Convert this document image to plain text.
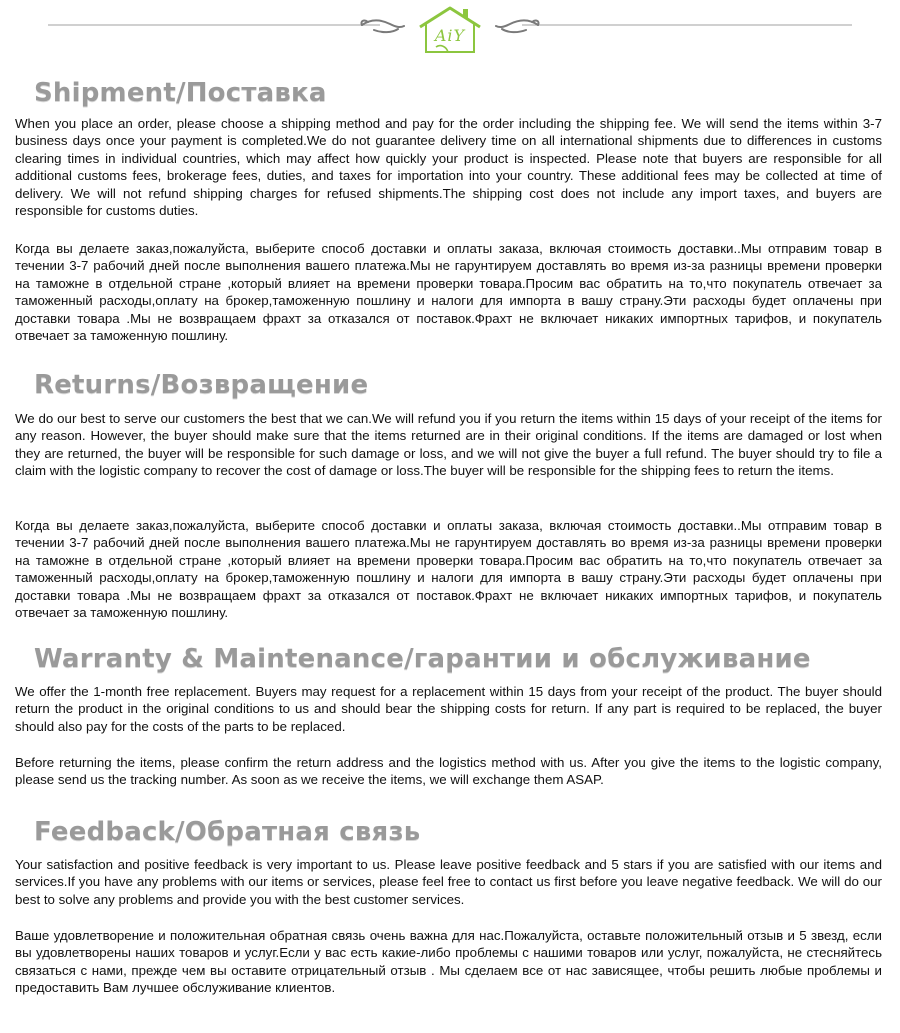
AiY
Shipment/Поставка

When you place an order, please choose a shipping method and pay for the order including the shipping fee. We will send the items within 3-7 business days once your payment is completed.We do not guarantee delivery time on all international shipments due to differences in customs clearing times in individual countries, which may affect how quickly your product is inspected. Please note that buyers are responsible for all additional customs fees, brokerage fees, duties, and taxes for importation into your country. These additional fees may be collected at time of delivery. We will not refund shipping charges for refused shipments.The shipping cost does not include any import taxes, and buyers are responsible for customs duties.

Когда вы делаете заказ,пожалуйста, выберите способ доставки и оплаты заказа, включая стоимость доставки..Мы отправим товар в течении 3-7 рабочий дней после выполнения вашего платежа.Мы не гарунтируем доставлять во время из-за разницы времени проверки на таможне в отдельной стране ,который влияет на времени проверки товара.Просим вас обратить на то,что покупатель отвечает за таможенный расходы,оплату на брокер,таможенную пошлину и налоги для импорта в вашу страну.Эти расходы будет оплачены при доставки товара .Мы не возвращаем фрахт за отказался от поставок.Фрахт не включает никаких импортных тарифов, и покупатель отвечает за таможенную пошлину.

Returns/Возвращение

We do our best to serve our customers the best that we can.We will refund you if you return the items within 15 days of your receipt of the items for any reason. However, the buyer should make sure that the items returned are in their original conditions. If the items are damaged or lost when they are returned, the buyer will be responsible for such damage or loss, and we will not give the buyer a full refund. The buyer should try to file a claim with the logistic company to recover the cost of damage or loss.The buyer will be responsible for the shipping fees to return the items.

Когда вы делаете заказ,пожалуйста, выберите способ доставки и оплаты заказа, включая стоимость доставки..Мы отправим товар в течении 3-7 рабочий дней после выполнения вашего платежа.Мы не гарунтируем доставлять во время из-за разницы времени проверки на таможне в отдельной стране ,который влияет на времени проверки товара.Просим вас обратить на то,что покупатель отвечает за таможенный расходы,оплату на брокер,таможенную пошлину и налоги для импорта в вашу страну.Эти расходы будет оплачены при доставки товара .Мы не возвращаем фрахт за отказался от поставок.Фрахт не включает никаких импортных тарифов, и покупатель отвечает за таможенную пошлину.

Warranty & Maintenance/гарантии и обслуживание

We offer the 1-month free replacement. Buyers may request for a replacement within 15 days from your receipt of the product. The buyer should return the product in the original conditions to us and should bear the shipping costs for return. If any part is required to be replaced, the buyer should also pay for the costs of the parts to be replaced.

Before returning the items, please confirm the return address and the logistics method with us. After you give the items to the logistic company, please send us the tracking number. As soon as we receive the items, we will exchange them ASAP.

Feedback/Обратная связь

Your satisfaction and positive feedback is very important to us. Please leave positive feedback and 5 stars if you are satisfied with our items and services.If you have any problems with our items or services, please feel free to contact us first before you leave negative feedback. We will do our best to solve any problems and provide you with the best customer services.

Ваше удовлетворение и положительная обратная связь очень важна для нас.Пожалуйста, оставьте положительный отзыв и 5 звезд, если вы удовлетворены наших товаров и услуг.Если у вас есть какие-либо проблемы с нашими товаров или услуг, пожалуйста, не стесняйтесь связаться с нами, прежде чем вы оставите отрицательный отзыв . Мы сделаем все от нас зависящее, чтобы решить любые проблемы и предоставить Вам лучшее обслуживание клиентов.
